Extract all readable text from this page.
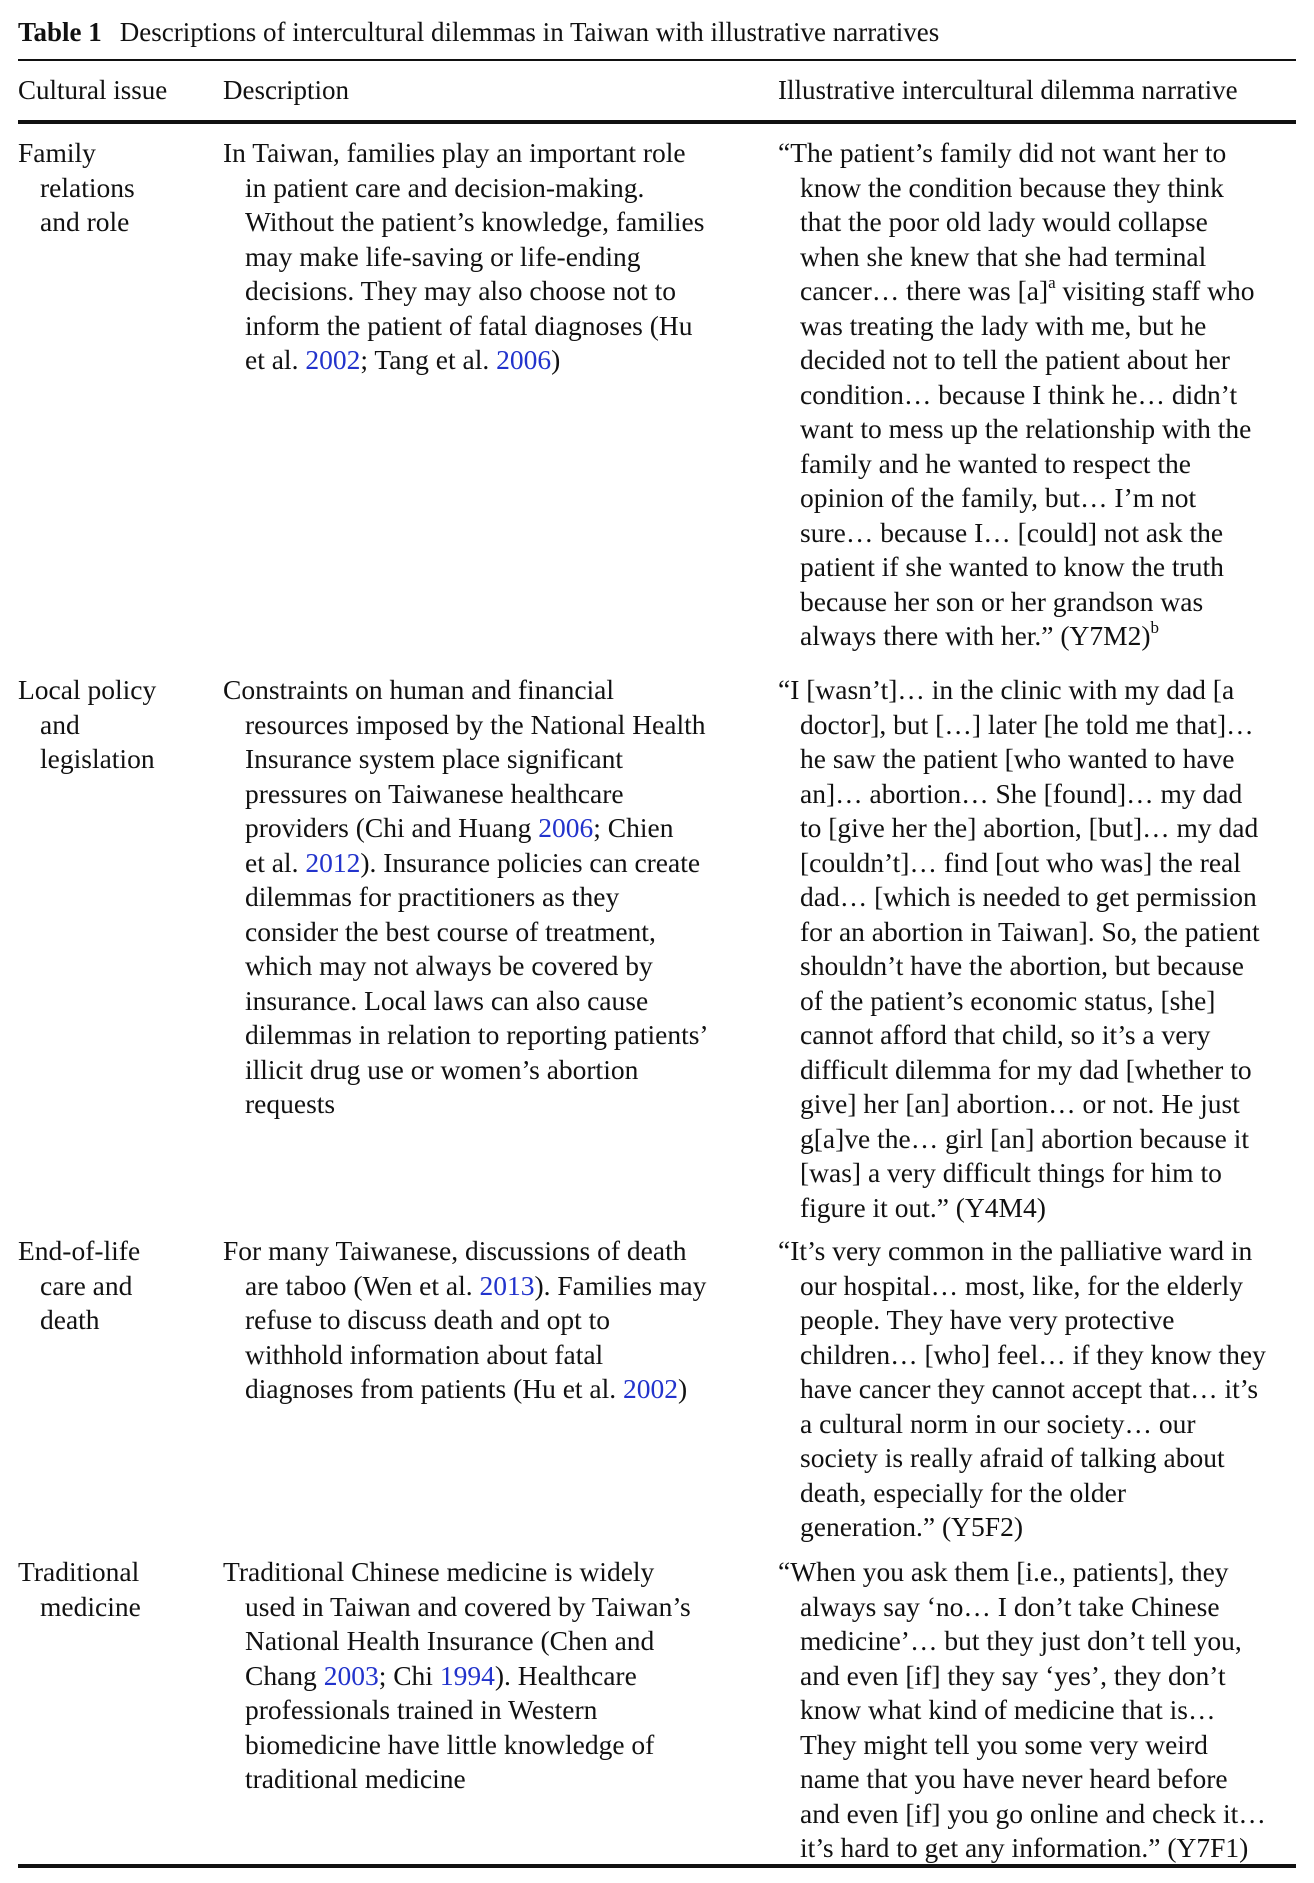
Table 1 Descriptions of intercultural dilemmas in Taiwan with illustrative narratives
Cultural issue Description	Illustrative intercultural dilemma narrative
Family
relations
and role
In Taiwan, families play an important role
in patient care and decision-making.
Without the patient’s knowledge, families
may make life-saving or life-ending
decisions. They may also choose not to
inform the patient of fatal diagnoses (Hu
et al. 2002; Tang et al. 2006)
“The patient’s family did not want her to
know the condition because they think
that the poor old lady would collapse
when she knew that she had terminal
cancer… there was $[a]^a$ visiting staff who
was treating the lady with me, but he
decided not to tell the patient about her
condition… because I think he… didn’t
want to mess up the relationship with the
family and he wanted to respect the
opinion of the family, but… I’m not
sure… because I… [could] not ask the
patient if she wanted to know the truth
because her son or her grandson was
always there with her.” $(Y7M2)^b$
Local policy
and
legislation
Constraints on human and financial
resources imposed by the National Health
Insurance system place significant
pressures on Taiwanese healthcare
providers (Chi and Huang 2006; Chien
et al. 2012). Insurance policies can create
dilemmas for practitioners as they
consider the best course of treatment,
which may not always be covered by
insurance. Local laws can also cause
dilemmas in relation to reporting patients’
illicit drug use or women’s abortion
requests
“I [wasn’t]… in the clinic with my dad [a
doctor], but […] later [he told me that]…
he saw the patient [who wanted to have
an]… abortion… She [found]… my dad
to [give her the] abortion, [but]… my dad
[couldn’t]… find [out who was] the real
dad… [which is needed to get permission
for an abortion in Taiwan]. So, the patient
shouldn’t have the abortion, but because
of the patient’s economic status, [she]
cannot afford that child, so it’s a very
difficult dilemma for my dad [whether to
give] her [an] abortion… or not. He just
g[a]ve the… girl [an] abortion because it
[was] a very difficult things for him to
figure it out.” (Y4M4)
End-of-life
care and
death
For many Taiwanese, discussions of death
are taboo (Wen et al. 2013). Families may
refuse to discuss death and opt to
withhold information about fatal
diagnoses from patients (Hu et al. 2002)
“It’s very common in the palliative ward in
our hospital… most, like, for the elderly
people. They have very protective
children… [who] feel… if they know they
have cancer they cannot accept that… it’s
a cultural norm in our society… our
society is really afraid of talking about
death, especially for the older
generation.” (Y5F2)
Traditional
medicine
Traditional Chinese medicine is widely
used in Taiwan and covered by Taiwan’s
National Health Insurance (Chen and
Chang 2003; Chi 1994). Healthcare
professionals trained in Western
biomedicine have little knowledge of
traditional medicine
“When you ask them [i.e., patients], they
always say ‘no… I don’t take Chinese
medicine’… but they just don’t tell you,
and even [if] they say ‘yes’, they don’t
know what kind of medicine that is…
They might tell you some very weird
name that you have never heard before
and even [if] you go online and check it…
it’s hard to get any information.” (Y7F1)
